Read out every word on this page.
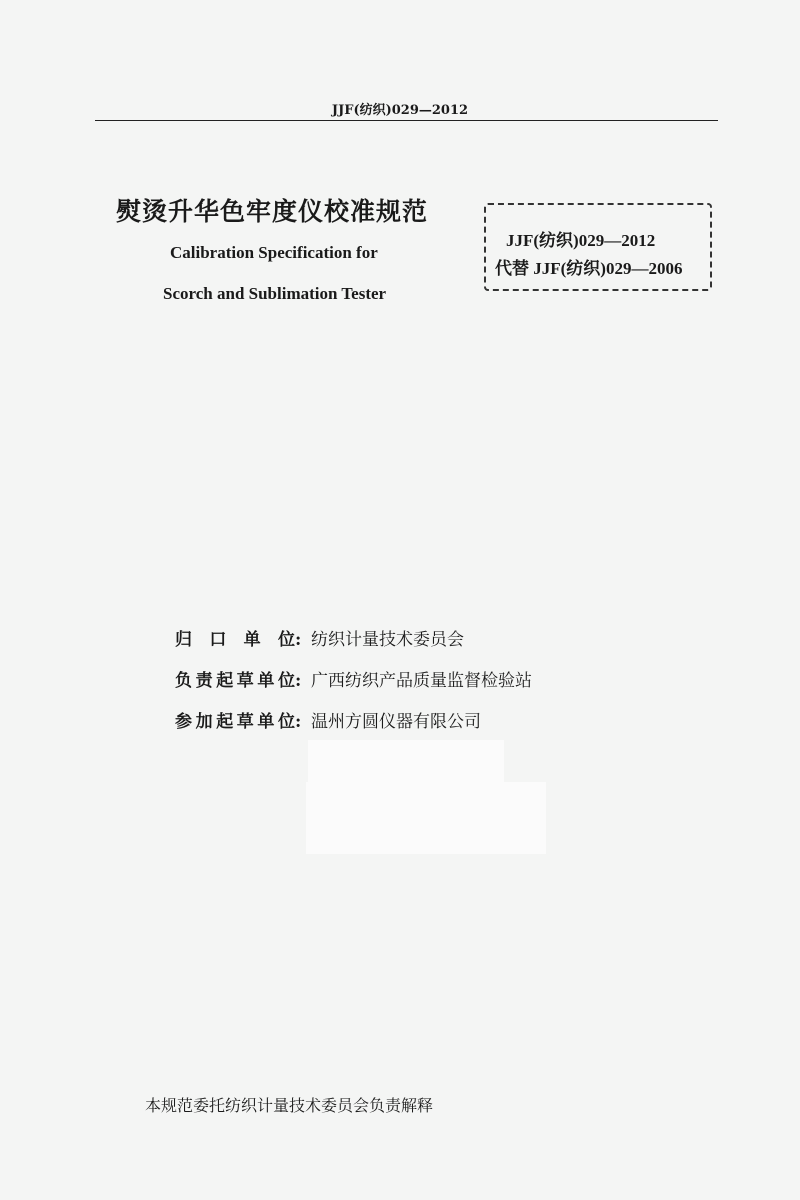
JJF(纺织)029—2012
熨烫升华色牢度仪校准规范
Calibration Specification for
Scorch and Sublimation Tester
JJF(纺织)029—2012
代替 JJF(纺织)029—2006
归口单位 : 纺织计量技术委员会
负责起草单位 : 广西纺织产品质量监督检验站
参加起草单位 : 温州方圆仪器有限公司
本规范委托纺织计量技术委员会负责解释
